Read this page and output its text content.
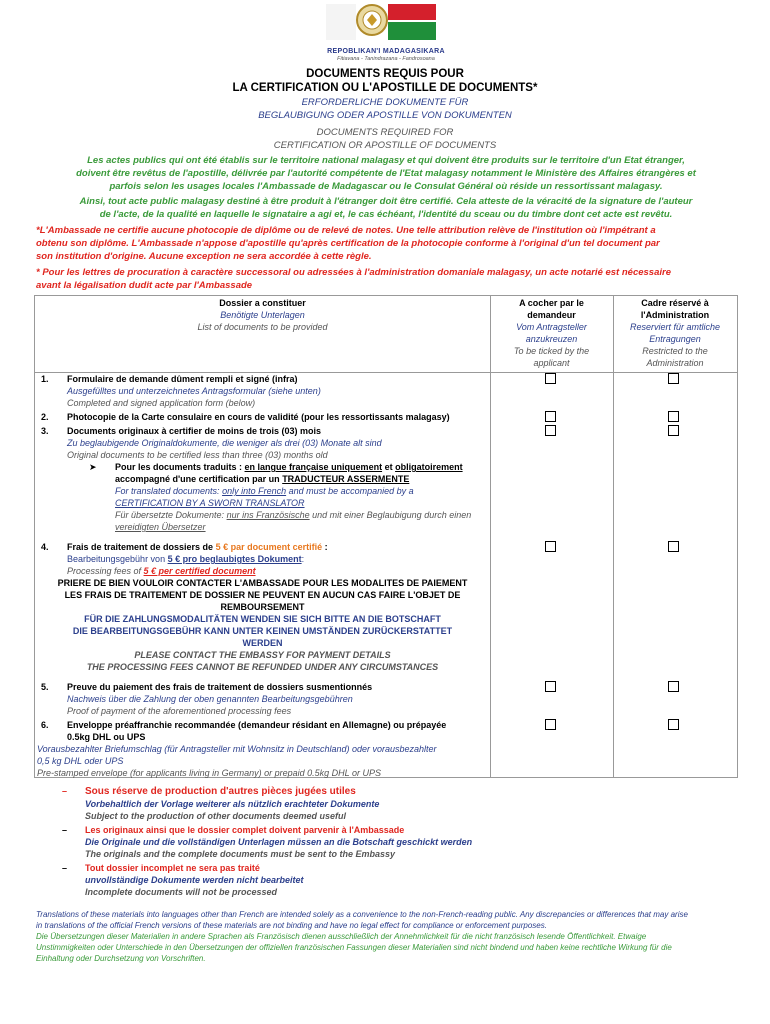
REPOBLIKAN'I MADAGASIKARA
Fitiavana - Tanindrazana - Fandrosoana
DOCUMENTS REQUIS POUR
LA CERTIFICATION OU L'APOSTILLE DE DOCUMENTS*
ERFORDERLICHE DOKUMENTE FÜR
BEGLAUBIGUNG ODER APOSTILLE VON DOKUMENTEN
DOCUMENTS REQUIRED FOR
CERTIFICATION OR APOSTILLE OF DOCUMENTS
Les actes publics qui ont été établis sur le territoire national malagasy et qui doivent être produits sur le territoire d'un Etat étranger,
doivent être revêtus de l'apostille, délivrée par l'autorité compétente de l'Etat malagasy notamment le Ministère des Affaires étrangères et
parfois selon les usages locales l'Ambassade de Madagascar ou le Consulat Général où réside un ressortissant malagasy.
Ainsi, tout acte public malagasy destiné à être produit à l'étranger doit être certifié. Cela atteste de la véracité de la signature de l'auteur
de l'acte, de la qualité en laquelle le signataire a agi et, le cas échéant, l'identité du sceau ou du timbre dont cet acte est revêtu.
*L'Ambassade ne certifie aucune photocopie de diplôme ou de relevé de notes. Une telle attribution relève de l'institution où l'impétrant a
obtenu son diplôme. L'Ambassade n'appose d'apostille qu'après certification de la photocopie conforme à l'original d'un tel document par
son institution d'origine. Aucune exception ne sera accordée à cette règle.
* Pour les lettres de procuration à caractère successoral ou adressées à l'administration domaniale malagasy, un acte notarié est nécessaire
avant la légalisation dudit acte par l'Ambassade
Dossier a constituer
Benötigte Unterlagen
List of documents to be provided
A cocher par le
demandeur
Vom Antragsteller
anzukreuzen
To be ticked by the
applicant
Cadre réservé à
l'Administration
Reserviert für amtliche
Entragungen
Restricted to the
Administration
1. Formulaire de demande dûment rempli et signé (infra)
Ausgefülltes und unterzeichnetes Antragsformular (siehe unten)
Completed and signed application form (below)
2. Photocopie de la Carte consulaire en cours de validité (pour les ressortissants malagasy)
3. Documents originaux à certifier de moins de trois (03) mois
Zu beglaubigende Originaldokumente, die weniger als drei (03) Monate alt sind
Original documents to be certified less than three (03) months old
➤ Pour les documents traduits : en langue française uniquement et obligatoirement
accompagné d'une certification par un TRADUCTEUR ASSERMENTE
For translated documents: only into French and must be accompanied by a
CERTIFICATION BY A SWORN TRANSLATOR
Für übersetzte Dokumente: nur ins Französische und mit einer Beglaubigung durch einen
vereidigten Übersetzer
4. Frais de traitement de dossiers de 5 € par document certifié :
Bearbeitungsgebühr von 5 € pro beglaubigtes Dokument:
Processing fees of 5 € per certified document
PRIERE DE BIEN VOULOIR CONTACTER L'AMBASSADE POUR LES MODALITES DE PAIEMENT
LES FRAIS DE TRAITEMENT DE DOSSIER NE PEUVENT EN AUCUN CAS FAIRE L'OBJET DE
REMBOURSEMENT
FÜR DIE ZAHLUNGSMODALITÄTEN WENDEN SIE SICH BITTE AN DIE BOTSCHAFT
DIE BEARBEITUNGSGEBÜHR KANN UNTER KEINEN UMSTÄNDEN ZURÜCKERSTATTET
WERDEN
PLEASE CONTACT THE EMBASSY FOR PAYMENT DETAILS
THE PROCESSING FEES CANNOT BE REFUNDED UNDER ANY CIRCUMSTANCES
5. Preuve du paiement des frais de traitement de dossiers susmentionnés
Nachweis über die Zahlung der oben genannten Bearbeitungsgebühren
Proof of payment of the aforementioned processing fees
6. Enveloppe préaffranchie recommandée (demandeur résidant en Allemagne) ou prépayée
0.5kg DHL ou UPS
Vorausbezahlter Briefumschlag (für Antragsteller mit Wohnsitz in Deutschland) oder vorausbezahlter
0,5 kg DHL oder UPS
Pre-stamped envelope (for applicants living in Germany) or prepaid 0.5kg DHL or UPS
– Sous réserve de production d'autres pièces jugées utiles
Vorbehaltlich der Vorlage weiterer als nützlich erachteter Dokumente
Subject to the production of other documents deemed useful
– Les originaux ainsi que le dossier complet doivent parvenir à l'Ambassade
Die Originale und die vollständigen Unterlagen müssen an die Botschaft geschickt werden
The originals and the complete documents must be sent to the Embassy
– Tout dossier incomplet ne sera pas traité
unvollständige Dokumente werden nicht bearbeitet
Incomplete documents will not be processed
Translations of these materials into languages other than French are intended solely as a convenience to the non-French-reading public. Any discrepancies or differences that may arise
in translations of the official French versions of these materials are not binding and have no legal effect for compliance or enforcement purposes.
Die Übersetzungen dieser Materialien in andere Sprachen als Französisch dienen ausschließlich der Annehmlichkeit für die nicht französisch lesende Öffentlichkeit. Etwaige
Unstimmigkeiten oder Unterschiede in den Übersetzungen der offiziellen französischen Fassungen dieser Materialien sind nicht bindend und haben keine rechtliche Wirkung für die
Einhaltung oder Durchsetzung von Vorschriften.
